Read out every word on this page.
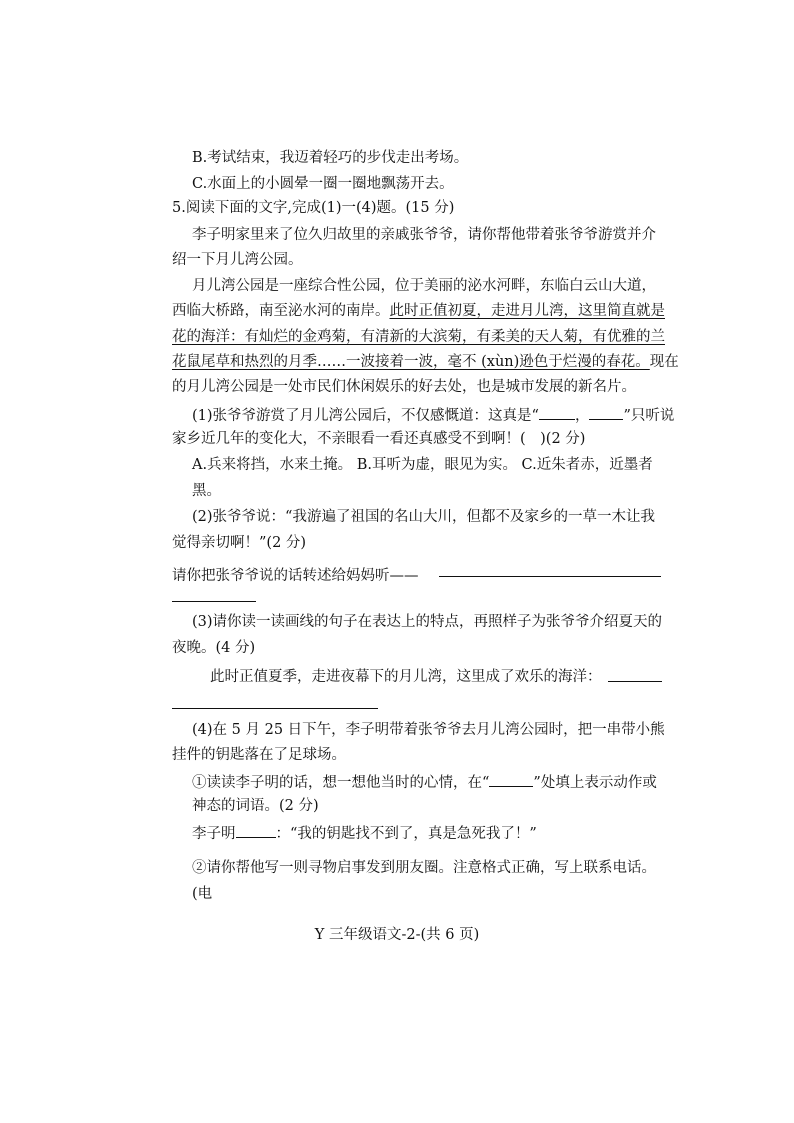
B.考试结束，我迈着轻巧的步伐走出考场。
C.水面上的小圆晕一圈一圈地飘荡开去。
5.阅读下面的文字,完成(1)一(4)题。(15 分)
李子明家里来了位久归故里的亲戚张爷爷，请你帮他带着张爷爷游赏并介
绍一下月儿湾公园。
月儿湾公园是一座综合性公园，位于美丽的泌水河畔，东临白云山大道，
西临大桥路，南至泌水河的南岸。此时正值初夏，走进月儿湾，这里简直就是
花的海洋：有灿烂的金鸡菊，有清新的大滨菊，有柔美的天人菊，有优雅的兰
花鼠尾草和热烈的月季……一波接着一波，毫不 (xùn)逊色于烂漫的春花。现在
的月儿湾公园是一处市民们休闲娱乐的好去处，也是城市发展的新名片。
(1)张爷爷游赏了月儿湾公园后，不仅感慨道：这真是“ ， ”只听说
家乡近几年的变化大，不亲眼看一看还真感受不到啊！(　)(2 分)
A.兵来将挡，水来土掩。 B.耳听为虚，眼见为实。 C.近朱者赤，近墨者
黑。
(2)张爷爷说：“我游遍了祖国的名山大川，但都不及家乡的一草一木让我
觉得亲切啊！”(2 分)
请你把张爷爷说的话转述给妈妈听——
(3)请你读一读画线的句子在表达上的特点，再照样子为张爷爷介绍夏天的
夜晚。(4 分)
此时正值夏季，走进夜幕下的月儿湾，这里成了欢乐的海洋：
(4)在 5 月 25 日下午，李子明带着张爷爷去月儿湾公园时，把一串带小熊
挂件的钥匙落在了足球场。
①读读李子明的话，想一想他当时的心情，在“	”处填上表示动作或
神态的词语。(2 分)
李子明	：“我的钥匙找不到了，真是急死我了！”
②请你帮他写一则寻物启事发到朋友圈。注意格式正确，写上联系电话。
(电
Y 三年级语文-2-(共 6 页)
